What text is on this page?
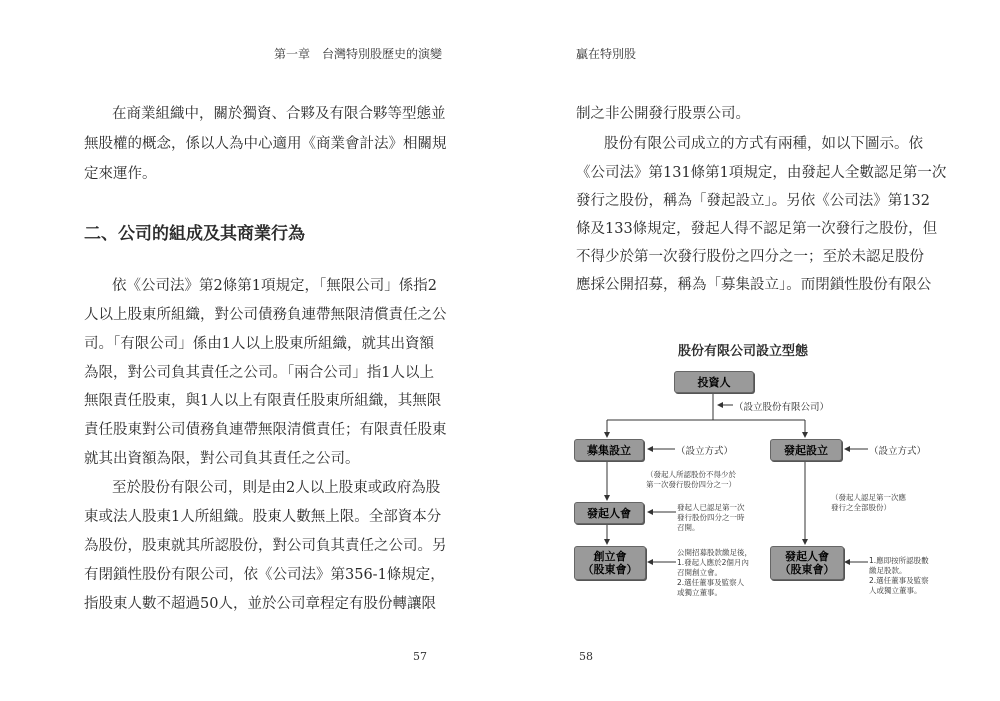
第一章　台灣特別股歷史的演變
在商業組織中，關於獨資、合夥及有限合夥等型態並
無股權的概念，係以人為中心適用《商業會計法》相關規
定來運作。
二、公司的組成及其商業行為
依《公司法》第2條第1項規定，「無限公司」係指2
人以上股東所組織，對公司債務負連帶無限清償責任之公
司。「有限公司」係由1人以上股東所組織，就其出資額
為限，對公司負其責任之公司。「兩合公司」指1人以上
無限責任股東，與1人以上有限責任股東所組織，其無限
責任股東對公司債務負連帶無限清償責任；有限責任股東
就其出資額為限，對公司負其責任之公司。
至於股份有限公司，則是由2人以上股東或政府為股
東或法人股東1人所組織。股東人數無上限。全部資本分
為股份，股東就其所認股份，對公司負其責任之公司。另
有閉鎖性股份有限公司，依《公司法》第356-1條規定，
指股東人數不超過50人，並於公司章程定有股份轉讓限
57
贏在特別股
制之非公開發行股票公司。
股份有限公司成立的方式有兩種，如以下圖示。依
《公司法》第131條第1項規定，由發起人全數認足第一次
發行之股份，稱為「發起設立」。另依《公司法》第132
條及133條規定，發起人得不認足第一次發行之股份，但
不得少於第一次發行股份之四分之一；至於未認足股份
應採公開招募，稱為「募集設立」。而閉鎖性股份有限公
股份有限公司設立型態
投資人
（設立股份有限公司）
募集設立	（設立方式）	發起設立	（設立方式）
（發起人所認股份不得少於
第一次發行股份四分之一）
（發起人認足第一次應
發行之全部股份）
發起人會	發起人已認足第一次
發行股份四分之一時
召開。
創立會
（股東會）
公開招募股款繳足後，
1.發起人應於2個月內
召開創立會。
2.選任董事及監察人
或獨立董事。
發起人會
（股東會）
1.應即按所認股數
繳足股款。
2.選任董事及監察
人或獨立董事。
58
